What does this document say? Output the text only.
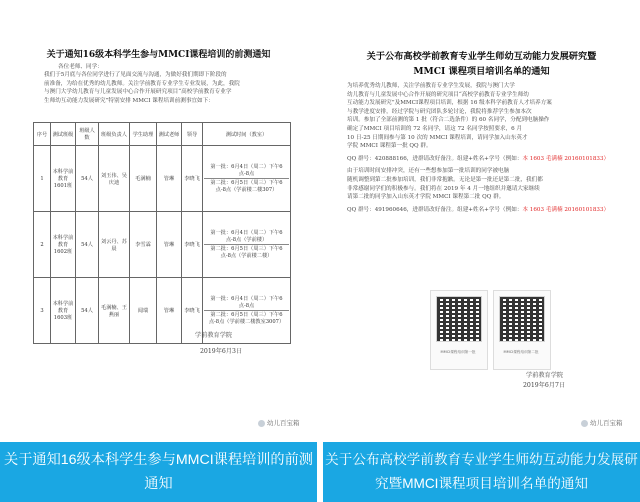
关于通知16级本科学生参与MMCI课程培训的前测通知
各位老师、同学：
我们于5月底与各位同学进行了见面交流与沟通，为做好我们期即下阶段的
前准备，为给在优秀的幼儿教师。关注学前教育专业学生专业发展，为此，我院
与澳门大学幼儿教育与儿童发展中心合作开展研究项目“高校学前教育专业学
生师幼互动能力发展研究”特别安排 MMCI 课程培训前测事宜如下：
序号	测试班级	班级人数	班级负责人	学生助理	测试老师	领导	测试时间（教室）
1	本科学前教育1601班	54人	刘玉伟、吴庆迪	毛满楠	管琳	李晓飞	第一批：6月4日（周二）下午6点-8点
第二批：6月5日（周三）下午6点-8点（学前楼二楼307）

2	本科学前教育1602班	54人	刘云丹、苏晨	李雪霖	管琳	李晓飞	第一批：6月4日（周二）下午6点-8点（学前楼）
第二批：6月5日（周三）下午6点-8点（学前楼二楼）

3	本科学前教育1603班	54人	毛满楠、王燕丽	闻瑞	管琳	李晓飞	第一批：6月4日（周二）下午6点-8点
第二批：6月5日（周三）下午6点-8点（学前楼二楼教室3007）
学前教育学院
2019年6月3日
幼儿百宝箱
关于通知16级本科学生参与MMCI课程培训的前测通知
关于公布高校学前教育专业学生师幼互动能力发展研究暨
MMCI 课程项目培训名单的通知
为培养优秀幼儿教师，关注学前教育专业学生发展，我院与澳门大学
幼儿教育与儿童发展中心合作开展的研究项目“高校学前教育专业学生师幼
互动能力发展研究”及MMCI课程项目培训，根据 16 级本科学前教育人才培养方案
与教学进度安排，经过学院与研究团队多轮讨论，我院将推荐学生参加本次
培训。参加了全部前测的第 1 批（符合二选条件）的 60 名同学，分配到电脑操作
确定了MMCI 项目培训的 72 名同学，请这 72 名同学按照要求，6 月
10 日-25 日期间参与第 10 次的 MMCI 课程培训，请同学加入山东英才
学院 MMCI 课程第一批 QQ 群。
QQ 群号：420888166，进群请改好备注。组建+姓名+学号（例如：本 1603 毛满楠 20160101833）
由于培训时间安排冲突，还有一些想参加第一批培训的同学被电脑
随机调整到第二批参加培训，我们非常抱歉。无论是第一批还是第二批，我们都
非常感谢同学们的积极参与。我们将在 2019 年 4 月一地组织并邀请大家继续
请第二批的同学加入山东英才学院 MMCI 课程第二批 QQ 群。
QQ 群号：491960646，进群请改好备注。组建+姓名+学号（例如：本 1603 毛满楠 20160101833）
MMCI课程培训第一批	MMCI课程培训第二批
学前教育学院
2019年6月7日
幼儿百宝箱
关于公布高校学前教育专业学生师幼互动能力发展研究暨MMCI课程项目培训名单的通知
